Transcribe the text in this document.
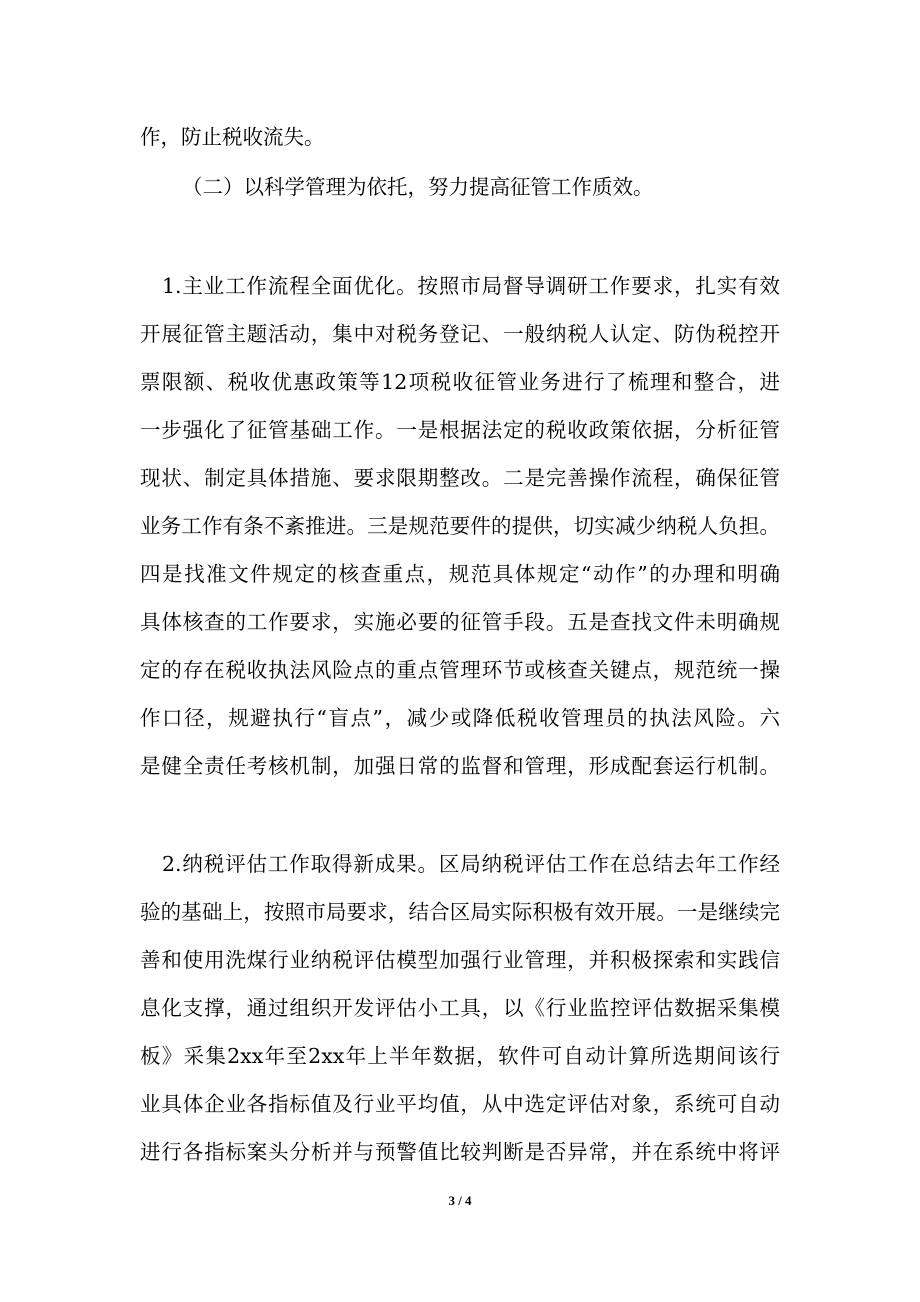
作，防止税收流失。
（二）以科学管理为依托，努力提高征管工作质效。
1.主业工作流程全面优化。按照市局督导调研工作要求，扎实有效
开展征管主题活动，集中对税务登记、一般纳税人认定、防伪税控开
票限额、税收优惠政策等12项税收征管业务进行了梳理和整合，进
一步强化了征管基础工作。一是根据法定的税收政策依据，分析征管
现状、制定具体措施、要求限期整改。二是完善操作流程，确保征管
业务工作有条不紊推进。三是规范要件的提供，切实减少纳税人负担。
四是找准文件规定的核查重点，规范具体规定“动作”的办理和明确
具体核查的工作要求，实施必要的征管手段。五是查找文件未明确规
定的存在税收执法风险点的重点管理环节或核查关键点，规范统一操
作口径，规避执行“盲点”，减少或降低税收管理员的执法风险。六
是健全责任考核机制，加强日常的监督和管理，形成配套运行机制。
2.纳税评估工作取得新成果。区局纳税评估工作在总结去年工作经
验的基础上，按照市局要求，结合区局实际积极有效开展。一是继续完
善和使用洗煤行业纳税评估模型加强行业管理，并积极探索和实践信
息化支撑，通过组织开发评估小工具，以《行业监控评估数据采集模
板》采集2xx年至2xx年上半年数据，软件可自动计算所选期间该行
业具体企业各指标值及行业平均值，从中选定评估对象，系统可自动
进行各指标案头分析并与预警值比较判断是否异常，并在系统中将评
3 / 4
